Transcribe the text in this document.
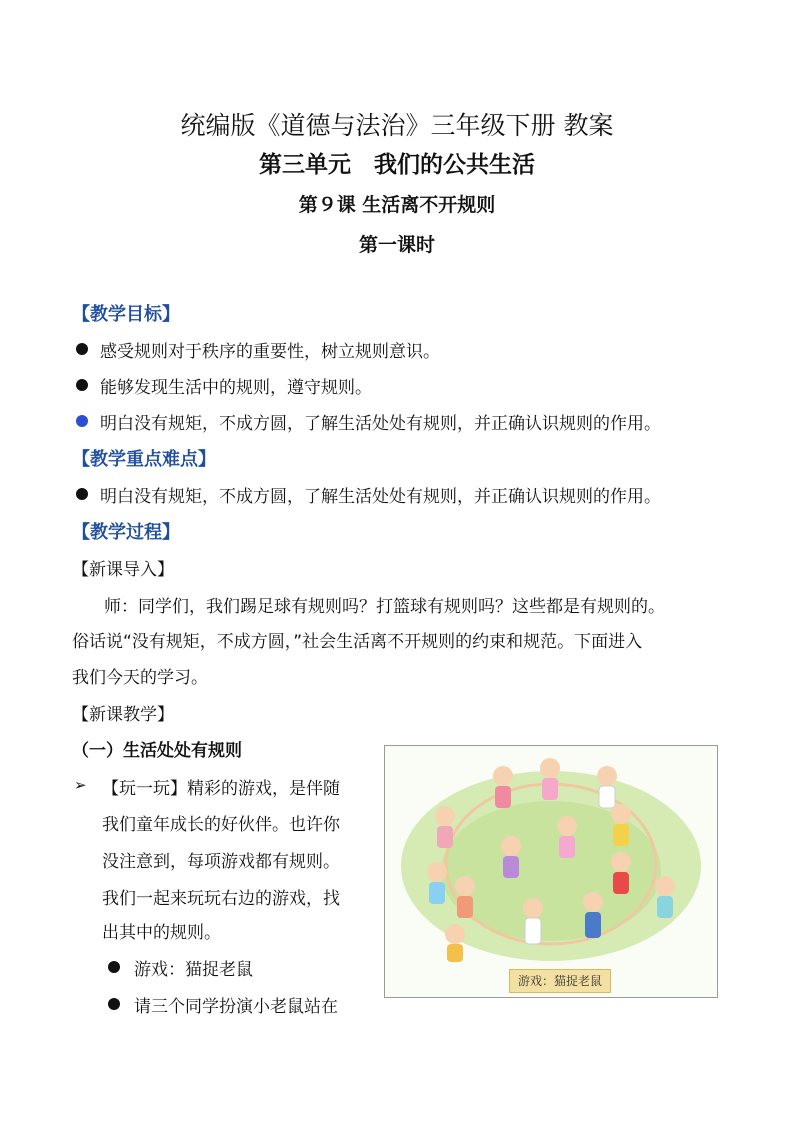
统编版《道德与法治》三年级下册 教案
第三单元　我们的公共生活
第９课 生活离不开规则
第一课时
【教学目标】
感受规则对于秩序的重要性，树立规则意识。
能够发现生活中的规则，遵守规则。
明白没有规矩，不成方圆，了解生活处处有规则，并正确认识规则的作用。
【教学重点难点】
明白没有规矩，不成方圆，了解生活处处有规则，并正确认识规则的作用。
【教学过程】
【新课导入】
师：同学们，我们踢足球有规则吗？打篮球有规则吗？这些都是有规则的。
俗话说“没有规矩，不成方圆，”社会生活离不开规则的约束和规范。下面进入
我们今天的学习。
【新课教学】
（一）生活处处有规则
➢ 【玩一玩】精彩的游戏，是伴随
我们童年成长的好伙伴。也许你
没注意到，每项游戏都有规则。
我们一起来玩玩右边的游戏，找
出其中的规则。
游戏：猫捉老鼠
请三个同学扮演小老鼠站在
游戏：猫捉老鼠
